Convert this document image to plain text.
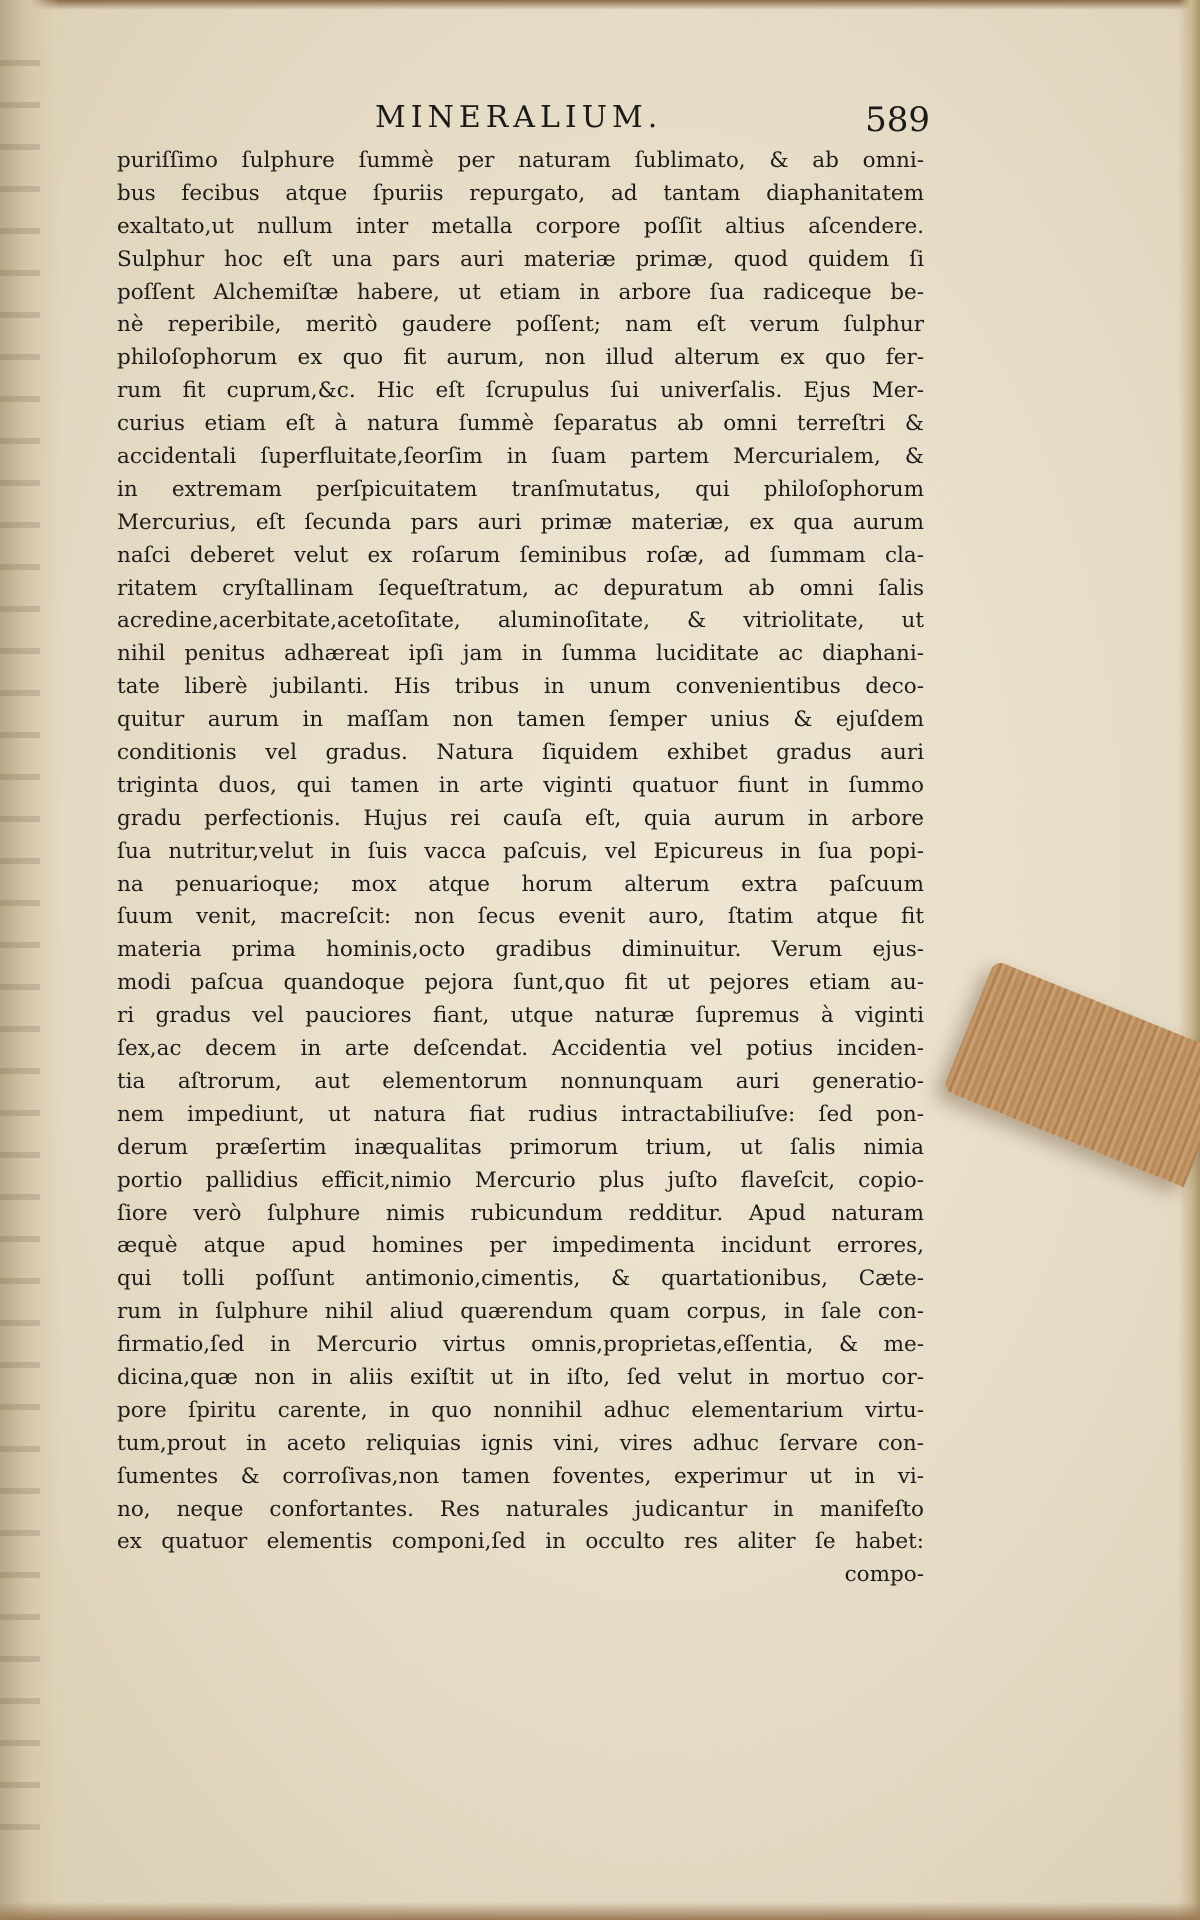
MINERALIUM.	589
puriſſimo ſulphure ſummè per naturam ſublimato, & ab omni-
bus fecibus atque ſpuriis repurgato, ad tantam diaphanitatem
exaltato,ut nullum inter metalla corpore poſſit altius aſcendere.
Sulphur hoc eſt una pars auri materiæ primæ, quod quidem ſi
poſſent Alchemiſtæ habere, ut etiam in arbore ſua radiceque be-
nè reperibile, meritò gaudere poſſent; nam eſt verum ſulphur
philoſophorum ex quo fit aurum, non illud alterum ex quo fer-
rum fit cuprum,&c. Hic eſt ſcrupulus ſui univerſalis. Ejus Mer-
curius etiam eſt à natura ſummè ſeparatus ab omni terreſtri &
accidentali ſuperfluitate,ſeorſim in ſuam partem Mercurialem, &
in extremam perſpicuitatem tranſmutatus, qui philoſophorum
Mercurius, eſt ſecunda pars auri primæ materiæ, ex qua aurum
naſci deberet velut ex roſarum ſeminibus roſæ, ad ſummam cla-
ritatem cryſtallinam ſequeſtratum, ac depuratum ab omni ſalis
acredine,acerbitate,acetoſitate, aluminoſitate, & vitriolitate, ut
nihil penitus adhæreat ipſi jam in ſumma luciditate ac diaphani-
tate liberè jubilanti. His tribus in unum convenientibus deco-
quitur aurum in maſſam non tamen ſemper unius & ejuſdem
conditionis vel gradus. Natura ſiquidem exhibet gradus auri
triginta duos, qui tamen in arte viginti quatuor fiunt in ſummo
gradu perfectionis. Hujus rei cauſa eſt, quia aurum in arbore
ſua nutritur,velut in ſuis vacca paſcuis, vel Epicureus in ſua popi-
na penuarioque; mox atque horum alterum extra paſcuum
ſuum venit, macreſcit: non ſecus evenit auro, ſtatim atque fit
materia prima hominis,octo gradibus diminuitur. Verum ejus-
modi paſcua quandoque pejora ſunt,quo fit ut pejores etiam au-
ri gradus vel pauciores fiant, utque naturæ ſupremus à viginti
ſex,ac decem in arte deſcendat. Accidentia vel potius inciden-
tia aſtrorum, aut elementorum nonnunquam auri generatio-
nem impediunt, ut natura fiat rudius intractabiliuſve: ſed pon-
derum præſertim inæqualitas primorum trium, ut ſalis nimia
portio pallidius efficit,nimio Mercurio plus juſto flaveſcit, copio-
ſiore verò ſulphure nimis rubicundum redditur. Apud naturam
æquè atque apud homines per impedimenta incidunt errores,
qui tolli poſſunt antimonio,cimentis, & quartationibus, Cæte-
rum in ſulphure nihil aliud quærendum quam corpus, in ſale con-
firmatio,ſed in Mercurio virtus omnis,proprietas,eſſentia, & me-
dicina,quæ non in aliis exiſtit ut in iſto, ſed velut in mortuo cor-
pore ſpiritu carente, in quo nonnihil adhuc elementarium virtu-
tum,prout in aceto reliquias ignis vini, vires adhuc ſervare con-
ſumentes & corroſivas,non tamen foventes, experimur ut in vi-
no, neque confortantes. Res naturales judicantur in manifeſto
ex quatuor elementis componi,ſed in occulto res aliter ſe habet:
compo-
